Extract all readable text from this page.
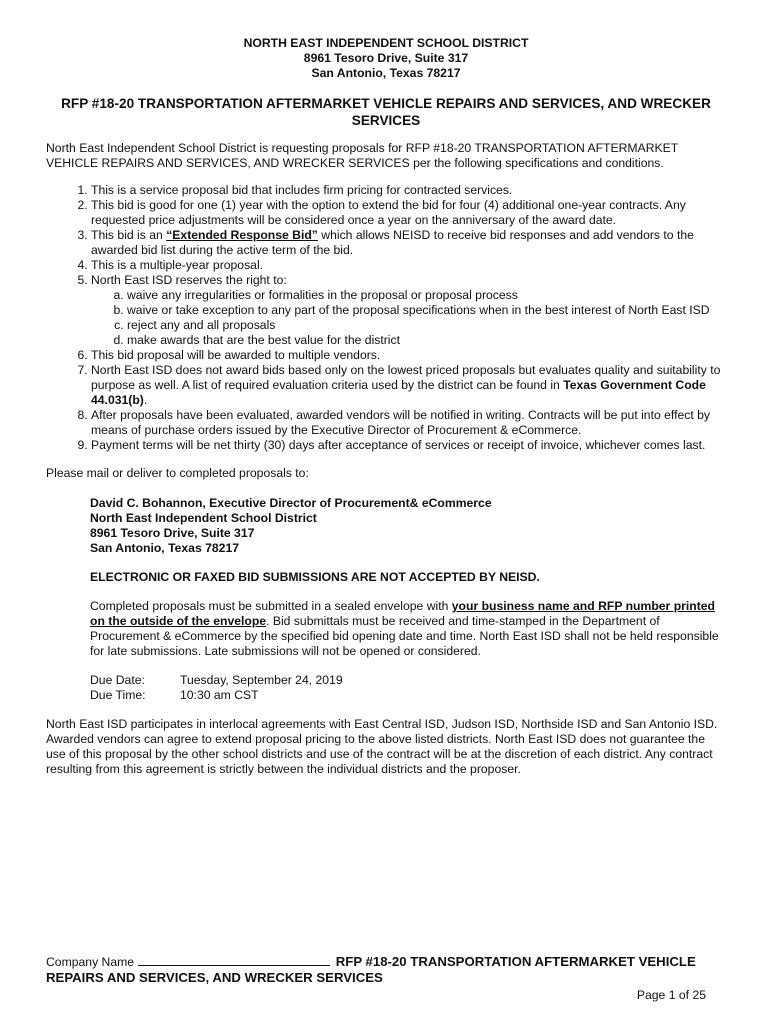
NORTH EAST INDEPENDENT SCHOOL DISTRICT
8961 Tesoro Drive, Suite 317
San Antonio, Texas 78217
RFP #18-20 TRANSPORTATION AFTERMARKET VEHICLE REPAIRS AND SERVICES, AND WRECKER SERVICES
North East Independent School District is requesting proposals for RFP #18-20 TRANSPORTATION AFTERMARKET VEHICLE REPAIRS AND SERVICES, AND WRECKER SERVICES per the following specifications and conditions.
1. This is a service proposal bid that includes firm pricing for contracted services.
2. This bid is good for one (1) year with the option to extend the bid for four (4) additional one-year contracts. Any requested price adjustments will be considered once a year on the anniversary of the award date.
3. This bid is an “Extended Response Bid” which allows NEISD to receive bid responses and add vendors to the awarded bid list during the active term of the bid.
4. This is a multiple-year proposal.
5. North East ISD reserves the right to:
a. waive any irregularities or formalities in the proposal or proposal process
b. waive or take exception to any part of the proposal specifications when in the best interest of North East ISD
c. reject any and all proposals
d. make awards that are the best value for the district
6. This bid proposal will be awarded to multiple vendors.
7. North East ISD does not award bids based only on the lowest priced proposals but evaluates quality and suitability to purpose as well. A list of required evaluation criteria used by the district can be found in Texas Government Code 44.031(b).
8. After proposals have been evaluated, awarded vendors will be notified in writing. Contracts will be put into effect by means of purchase orders issued by the Executive Director of Procurement & eCommerce.
9. Payment terms will be net thirty (30) days after acceptance of services or receipt of invoice, whichever comes last.
Please mail or deliver to completed proposals to:
David C. Bohannon, Executive Director of Procurement& eCommerce
North East Independent School District
8961 Tesoro Drive, Suite 317
San Antonio, Texas 78217
ELECTRONIC OR FAXED BID SUBMISSIONS ARE NOT ACCEPTED BY NEISD.
Completed proposals must be submitted in a sealed envelope with your business name and RFP number printed on the outside of the envelope. Bid submittals must be received and time-stamped in the Department of Procurement & eCommerce by the specified bid opening date and time. North East ISD shall not be held responsible for late submissions. Late submissions will not be opened or considered.
Due Date:	Tuesday, September 24, 2019
Due Time:	10:30 am CST
North East ISD participates in interlocal agreements with East Central ISD, Judson ISD, Northside ISD and San Antonio ISD. Awarded vendors can agree to extend proposal pricing to the above listed districts. North East ISD does not guarantee the use of this proposal by the other school districts and use of the contract will be at the discretion of each district. Any contract resulting from this agreement is strictly between the individual districts and the proposer.
Company Name	RFP #18-20 TRANSPORTATION AFTERMARKET VEHICLE
REPAIRS AND SERVICES, AND WRECKER SERVICES
Page 1 of 25
